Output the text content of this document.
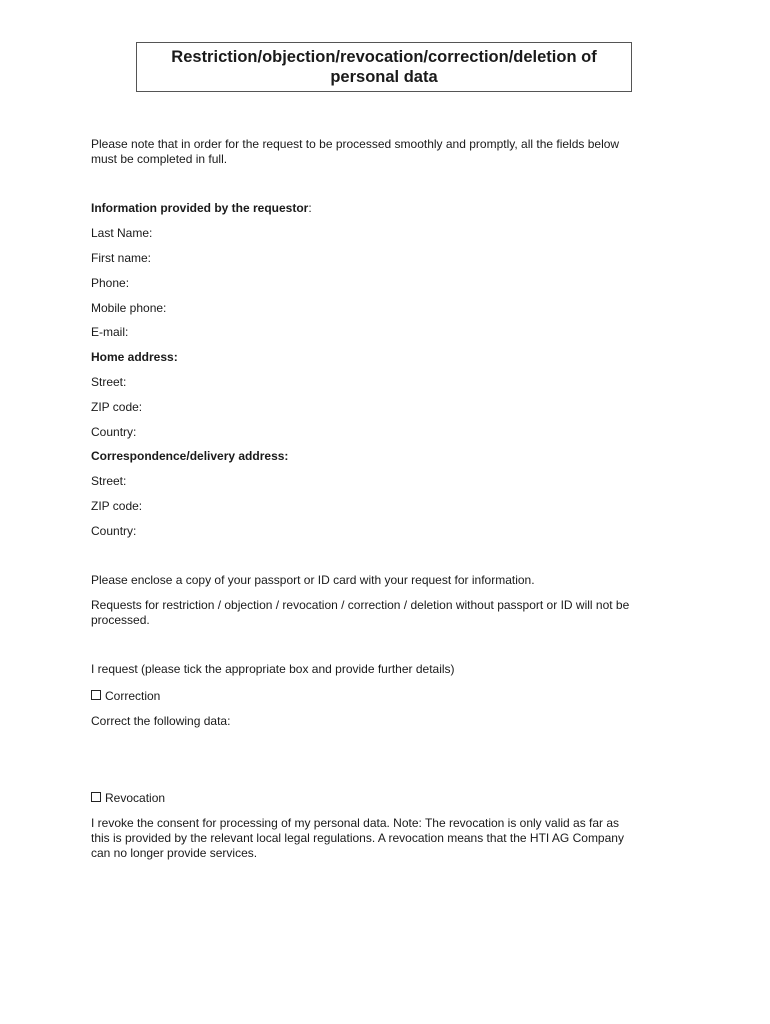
Restriction/objection/revocation/correction/deletion of
personal data
Please note that in order for the request to be processed smoothly and promptly, all the fields below
must be completed in full.
Information provided by the requestor:
Last Name:
First name:
Phone:
Mobile phone:
E-mail:
Home address:
Street:
ZIP code:
Country:
Correspondence/delivery address:
Street:
ZIP code:
Country:
Please enclose a copy of your passport or ID card with your request for information.
Requests for restriction / objection / revocation / correction / deletion without passport or ID will not be
processed.
I request (please tick the appropriate box and provide further details)
Correction
Correct the following data:
Revocation
I revoke the consent for processing of my personal data. Note: The revocation is only valid as far as
this is provided by the relevant local legal regulations. A revocation means that the HTI AG Company
can no longer provide services.
